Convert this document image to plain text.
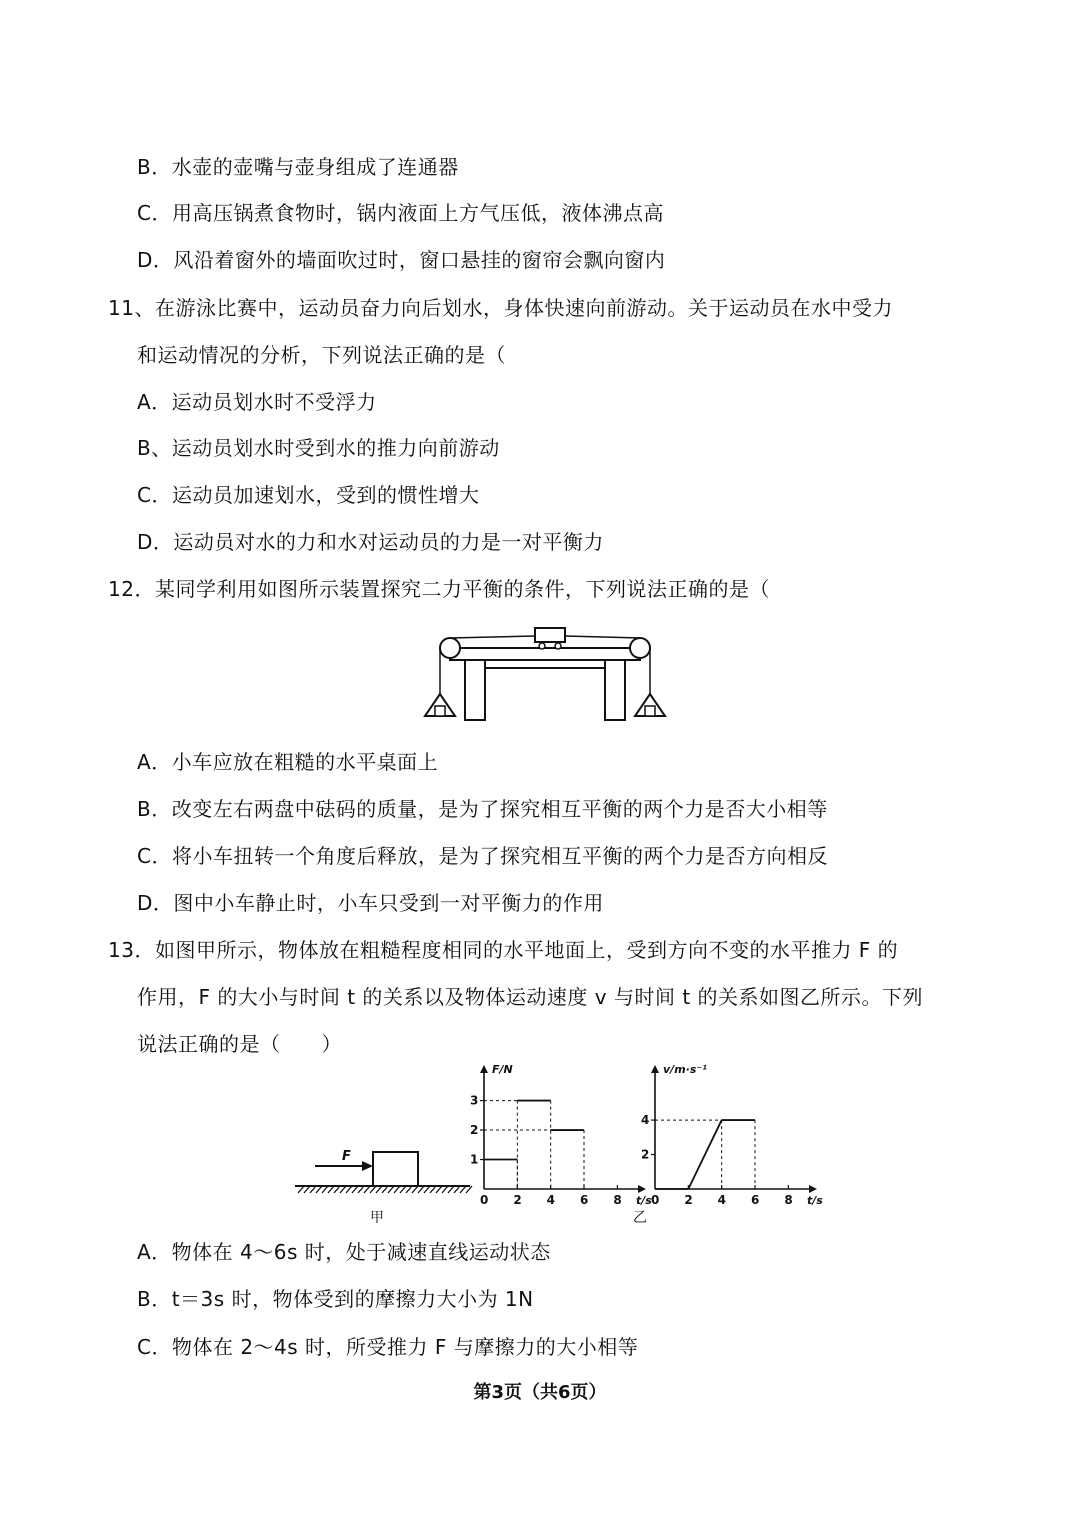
B．水壶的壶嘴与壶身组成了连通器
C．用高压锅煮食物时，锅内液面上方气压低，液体沸点高
D．风沿着窗外的墙面吹过时，窗口悬挂的窗帘会飘向窗内
11、在游泳比赛中，运动员奋力向后划水，身体快速向前游动。关于运动员在水中受力
和运动情况的分析，下列说法正确的是（
A．运动员划水时不受浮力
B、运动员划水时受到水的推力向前游动
C．运动员加速划水，受到的惯性增大
D．运动员对水的力和水对运动员的力是一对平衡力
12．某同学利用如图所示装置探究二力平衡的条件，下列说法正确的是（
A．小车应放在粗糙的水平桌面上
B．改变左右两盘中砝码的质量，是为了探究相互平衡的两个力是否大小相等
C．将小车扭转一个角度后释放，是为了探究相互平衡的两个力是否方向相反
D．图中小车静止时，小车只受到一对平衡力的作用
13．如图甲所示，物体放在粗糙程度相同的水平地面上，受到方向不变的水平推力 F 的
作用，F 的大小与时间 t 的关系以及物体运动速度 v 与时间 t 的关系如图乙所示。下列
说法正确的是（　　）
F
甲
F/N
t/s
0 2 4 6 8
1
2
3
v/m·s⁻¹
t/s
0 2 4 6 8
2
4
乙
A．物体在 4～6s 时，处于减速直线运动状态
B．t＝3s 时，物体受到的摩擦力大小为 1N
C．物体在 2～4s 时，所受推力 F 与摩擦力的大小相等
第3页（共6页）
